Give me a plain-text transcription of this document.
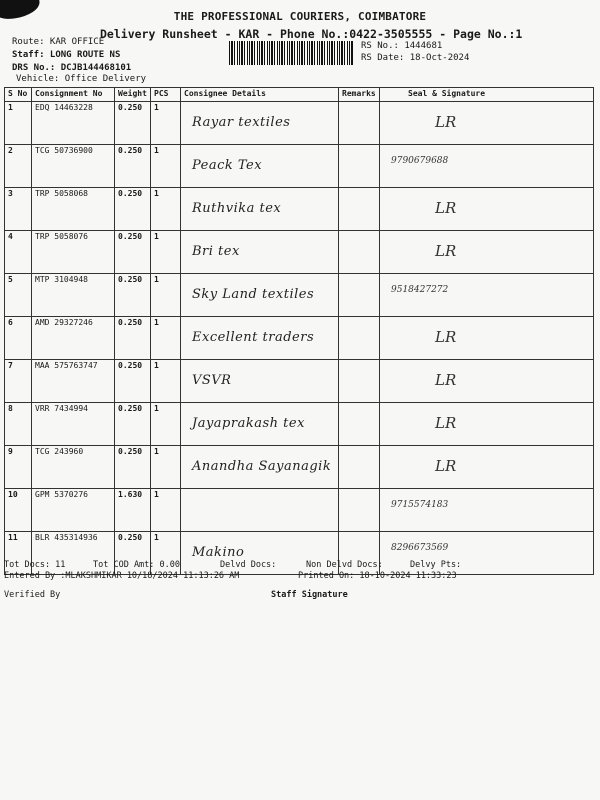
THE PROFESSIONAL COURIERS, COIMBATORE
Delivery Runsheet - KAR - Phone No.:0422-3505555 - Page No.:1
Route: KAR OFFICE
Staff: LONG ROUTE NS
DRS No.: DCJB144468101
Vehicle: Office Delivery
RS No.: 1444681
RS Date: 18-Oct-2024
S No	Consignment No	Weight	PCS	Consignee Details	Remarks	Seal & Signature
1	EDQ 14463228	0.250	1	Rayar textiles		LR

2	TCG 50736900	0.250	1	Peack Tex		9790679688

3	TRP 5058068	0.250	1	Ruthvika tex		LR

4	TRP 5058076	0.250	1	Bri tex		LR

5	MTP 3104948	0.250	1	Sky Land textiles		9518427272

6	AMD 29327246	0.250	1	Excellent traders		LR

7	MAA 575763747	0.250	1	VSVR		LR

8	VRR 7434994	0.250	1	Jayaprakash tex		LR

9	TCG 243960	0.250	1	Anandha Sayanagik		LR

10	GPM 5370276	1.630	1			9715574183

11	BLR 435314936	0.250	1	Makino		8296673569
Tot Docs: 11	Tot COD Amt: 0.00	Delvd Docs:	Non Delvd Docs:	Delvy Pts:
Entered By :MLAKSHMIKAR 10/18/2024 11:13:26 AM	Printed On: 18-10-2024 11:33:23
Verified By	Staff Signature
